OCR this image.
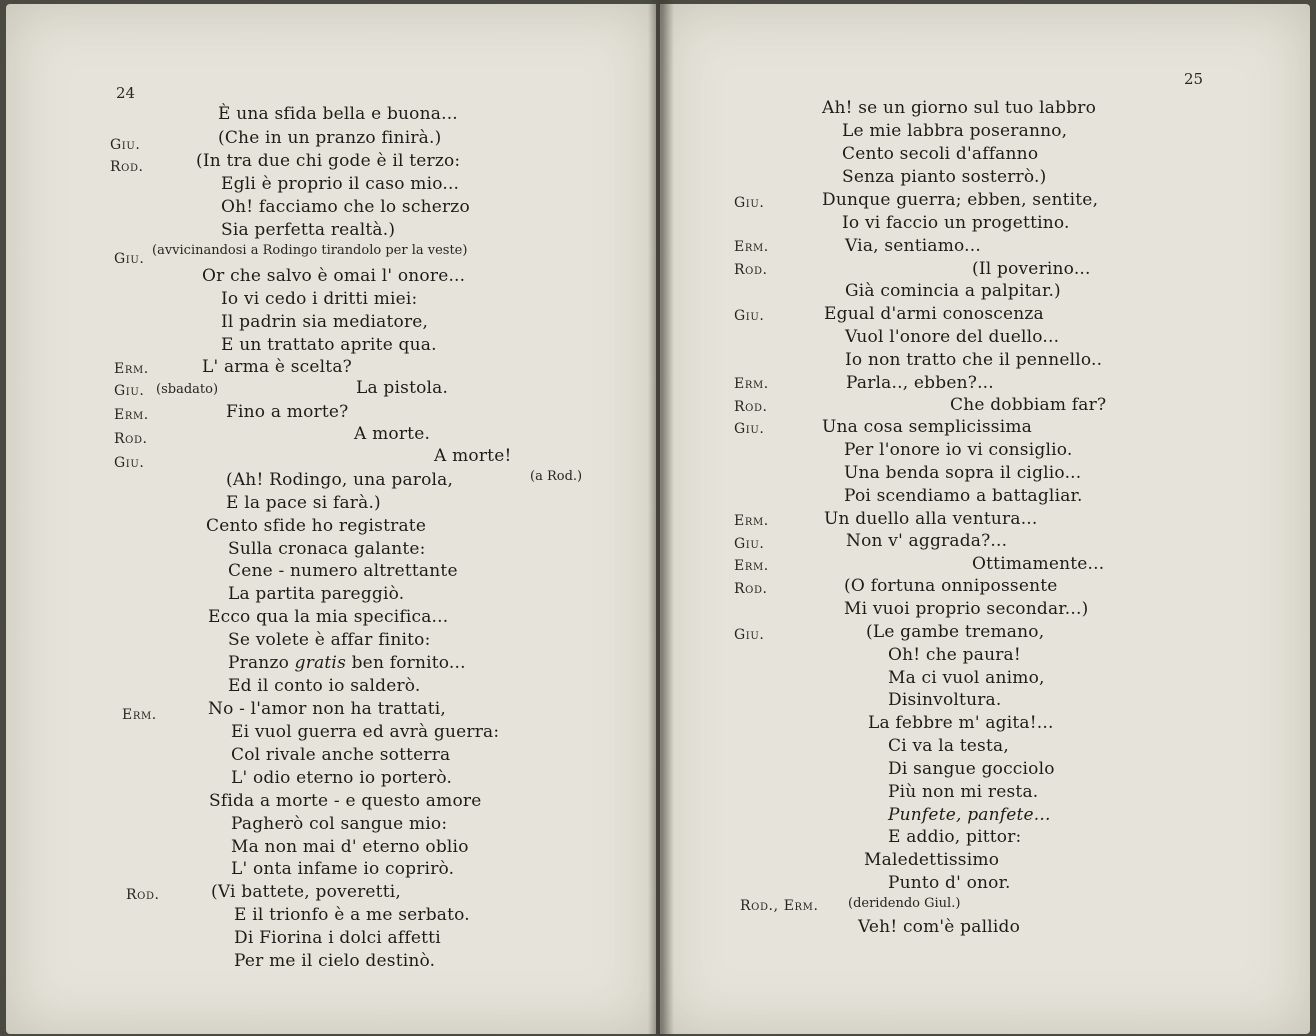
24
È una sfida bella e buona...
Giu.	(Che in un pranzo finirà.)
Rod.	(In tra due chi gode è il terzo:
Egli è proprio il caso mio...
Oh! facciamo che lo scherzo
Sia perfetta realtà.)
Giu.
(avvicinandosi a Rodingo tirandolo per la veste)
Or che salvo è omai l' onore...
Io vi cedo i dritti miei:
Il padrin sia mediatore,
E un trattato aprite qua.
Erm.	L' arma è scelta?
Giu. (sbadato)	La pistola.
Erm.	Fino a morte?
Rod.	A morte.
Giu.	A morte!
(Ah! Rodingo, una parola,	(a Rod.)
E la pace si farà.)
Cento sfide ho registrate
Sulla cronaca galante:
Cene - numero altrettante
La partita pareggiò.
Ecco qua la mia specifica...
Se volete è affar finito:
Pranzo gratis ben fornito...
Ed il conto io salderò.
Erm.	No - l'amor non ha trattati,
Ei vuol guerra ed avrà guerra:
Col rivale anche sotterra
L' odio eterno io porterò.
Sfida a morte - e questo amore
Pagherò col sangue mio:
Ma non mai d' eterno oblio
L' onta infame io coprirò.
Rod.	(Vi battete, poveretti,
E il trionfo è a me serbato.
Di Fiorina i dolci affetti
Per me il cielo destinò.
25
Ah! se un giorno sul tuo labbro
Le mie labbra poseranno,
Cento secoli d'affanno
Senza pianto sosterrò.)
Giu.	Dunque guerra; ebben, sentite,
Io vi faccio un progettino.
Erm.	Via, sentiamo...
Rod.	(Il poverino...
Già comincia a palpitar.)
Giu.	Egual d'armi conoscenza
Vuol l'onore del duello...
Io non tratto che il pennello..
Erm.	Parla.., ebben?...
Rod.	Che dobbiam far?
Giu.	Una cosa semplicissima
Per l'onore io vi consiglio.
Una benda sopra il ciglio...
Poi scendiamo a battagliar.
Erm.	Un duello alla ventura...
Giu.	Non v' aggrada?...
Erm.	Ottimamente...
Rod.	(O fortuna onnipossente
Mi vuoi proprio secondar...)
Giu.	(Le gambe tremano,
Oh! che paura!
Ma ci vuol animo,
Disinvoltura.
La febbre m' agita!...
Ci va la testa,
Di sangue gocciolo
Più non mi resta.
Punfete, panfete...
E addio, pittor:
Maledettissimo
Punto d' onor.
Rod., Erm. (deridendo Giul.)
Veh! com'è pallido
